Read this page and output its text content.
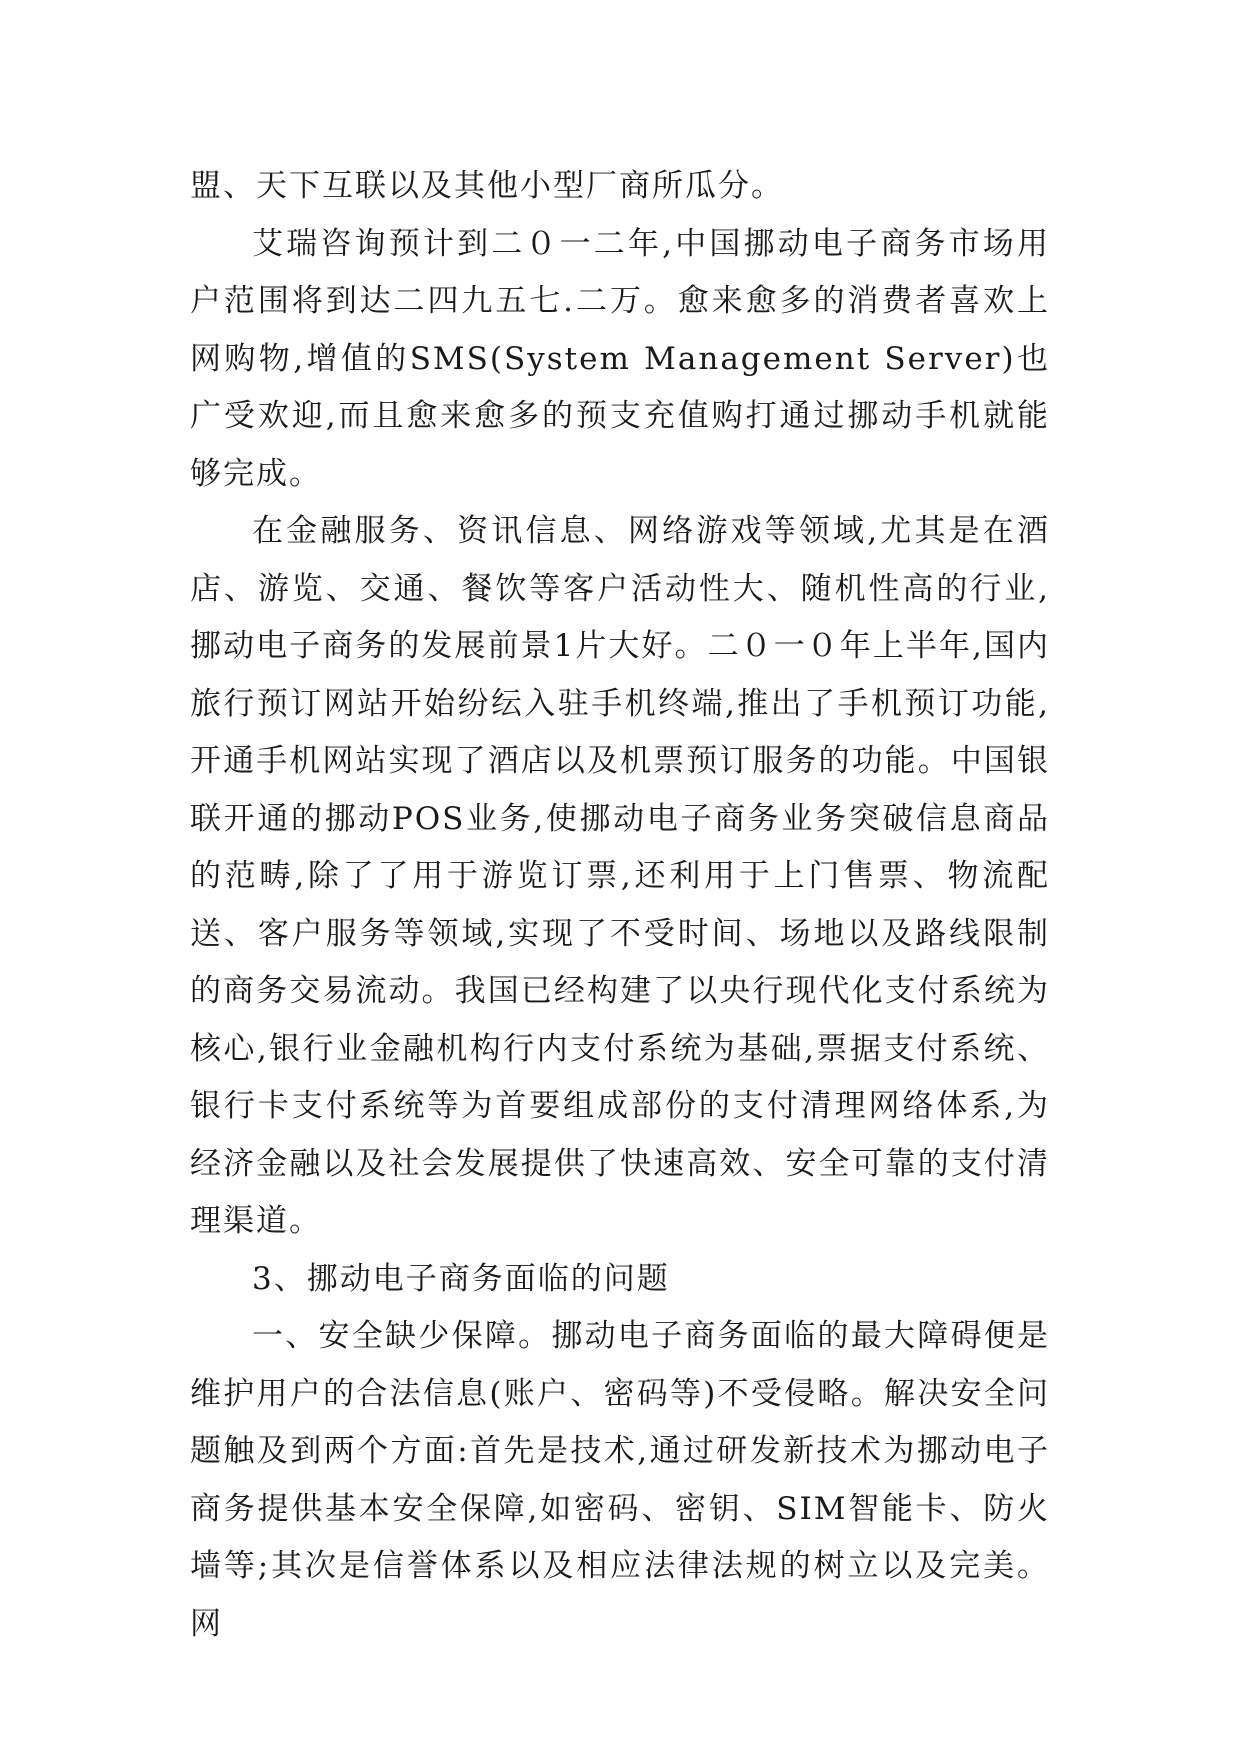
盟、天下互联以及其他小型厂商所瓜分。

艾瑞咨询预计到二０一二年,中国挪动电子商务市场用户范围将到达二四九五七.二万。愈来愈多的消费者喜欢上网购物,增值的SMS(System Management Server)也广受欢迎,而且愈来愈多的预支充值购打通过挪动手机就能够完成。

在金融服务、资讯信息、网络游戏等领域,尤其是在酒店、游览、交通、餐饮等客户活动性大、随机性高的行业,挪动电子商务的发展前景1片大好。二０一０年上半年,国内旅行预订网站开始纷纭入驻手机终端,推出了手机预订功能,开通手机网站实现了酒店以及机票预订服务的功能。中国银联开通的挪动POS业务,使挪动电子商务业务突破信息商品的范畴,除了了用于游览订票,还利用于上门售票、物流配送、客户服务等领域,实现了不受时间、场地以及路线限制的商务交易流动。我国已经构建了以央行现代化支付系统为核心,银行业金融机构行内支付系统为基础,票据支付系统、银行卡支付系统等为首要组成部份的支付清理网络体系,为经济金融以及社会发展提供了快速高效、安全可靠的支付清理渠道。

3、挪动电子商务面临的问题

一、安全缺少保障。挪动电子商务面临的最大障碍便是维护用户的合法信息(账户、密码等)不受侵略。解决安全问题触及到两个方面:首先是技术,通过研发新技术为挪动电子商务提供基本安全保障,如密码、密钥、SIM智能卡、防火墙等;其次是信誉体系以及相应法律法规的树立以及完美。网
